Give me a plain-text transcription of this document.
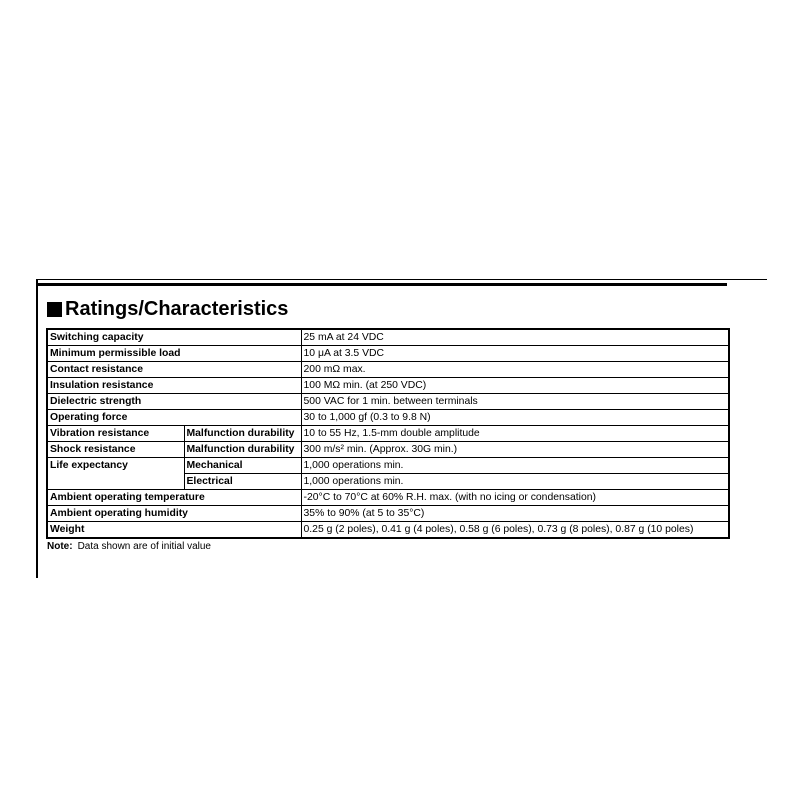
Ratings/Characteristics
Switching capacity		25 mA at 24 VDC
Minimum permissible load		10 μA at 3.5 VDC
Contact resistance		200 mΩ max.
Insulation resistance		100 MΩ min. (at 250 VDC)
Dielectric strength		500 VAC for 1 min. between terminals
Operating force		30 to 1,000 gf (0.3 to 9.8 N)
Vibration resistance	Malfunction durability	10 to 55 Hz, 1.5-mm double amplitude
Shock resistance	Malfunction durability	300 m/s² min. (Approx. 30G min.)
Life expectancy	Mechanical	1,000 operations min.
	Electrical	1,000 operations min.
Ambient operating temperature		-20°C to 70°C at 60% R.H. max. (with no icing or condensation)
Ambient operating humidity		35% to 90% (at 5 to 35°C)
Weight		0.25 g (2 poles), 0.41 g (4 poles), 0.58 g (6 poles), 0.73 g (8 poles), 0.87 g (10 poles)
Note: Data shown are of initial value
